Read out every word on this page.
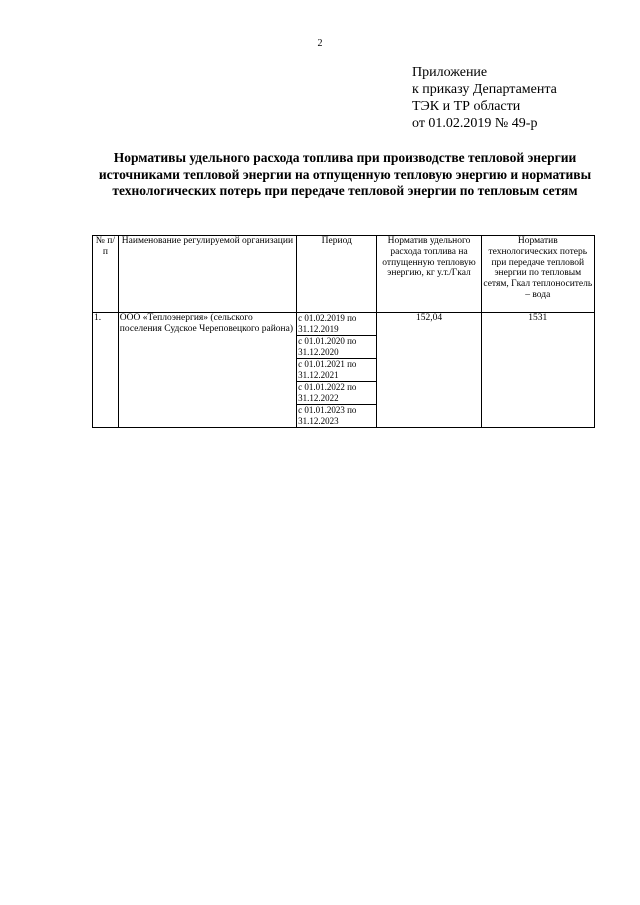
2
Приложение
к приказу Департамента
ТЭК и ТР области
от 01.02.2019 № 49-р
Нормативы удельного расхода топлива при производстве тепловой энергии источниками тепловой энергии на отпущенную тепловую энергию и нормативы технологических потерь при передаче тепловой энергии по тепловым сетям
№ п/п	Наименование регулируемой организации	Период	Норматив удельного расхода топлива на отпущенную тепловую энергию, кг у.т./Гкал	Норматив технологических потерь при передаче тепловой энергии по тепловым сетям, Гкал теплоноситель – вода
1.	ООО «Теплоэнергия» (сельского поселения Судское Череповецкого района)	с 01.02.2019 по 31.12.2019	152,04	1531
		с 01.01.2020 по 31.12.2020		
		с 01.01.2021 по 31.12.2021		
		с 01.01.2022 по 31.12.2022		
		с 01.01.2023 по 31.12.2023		
